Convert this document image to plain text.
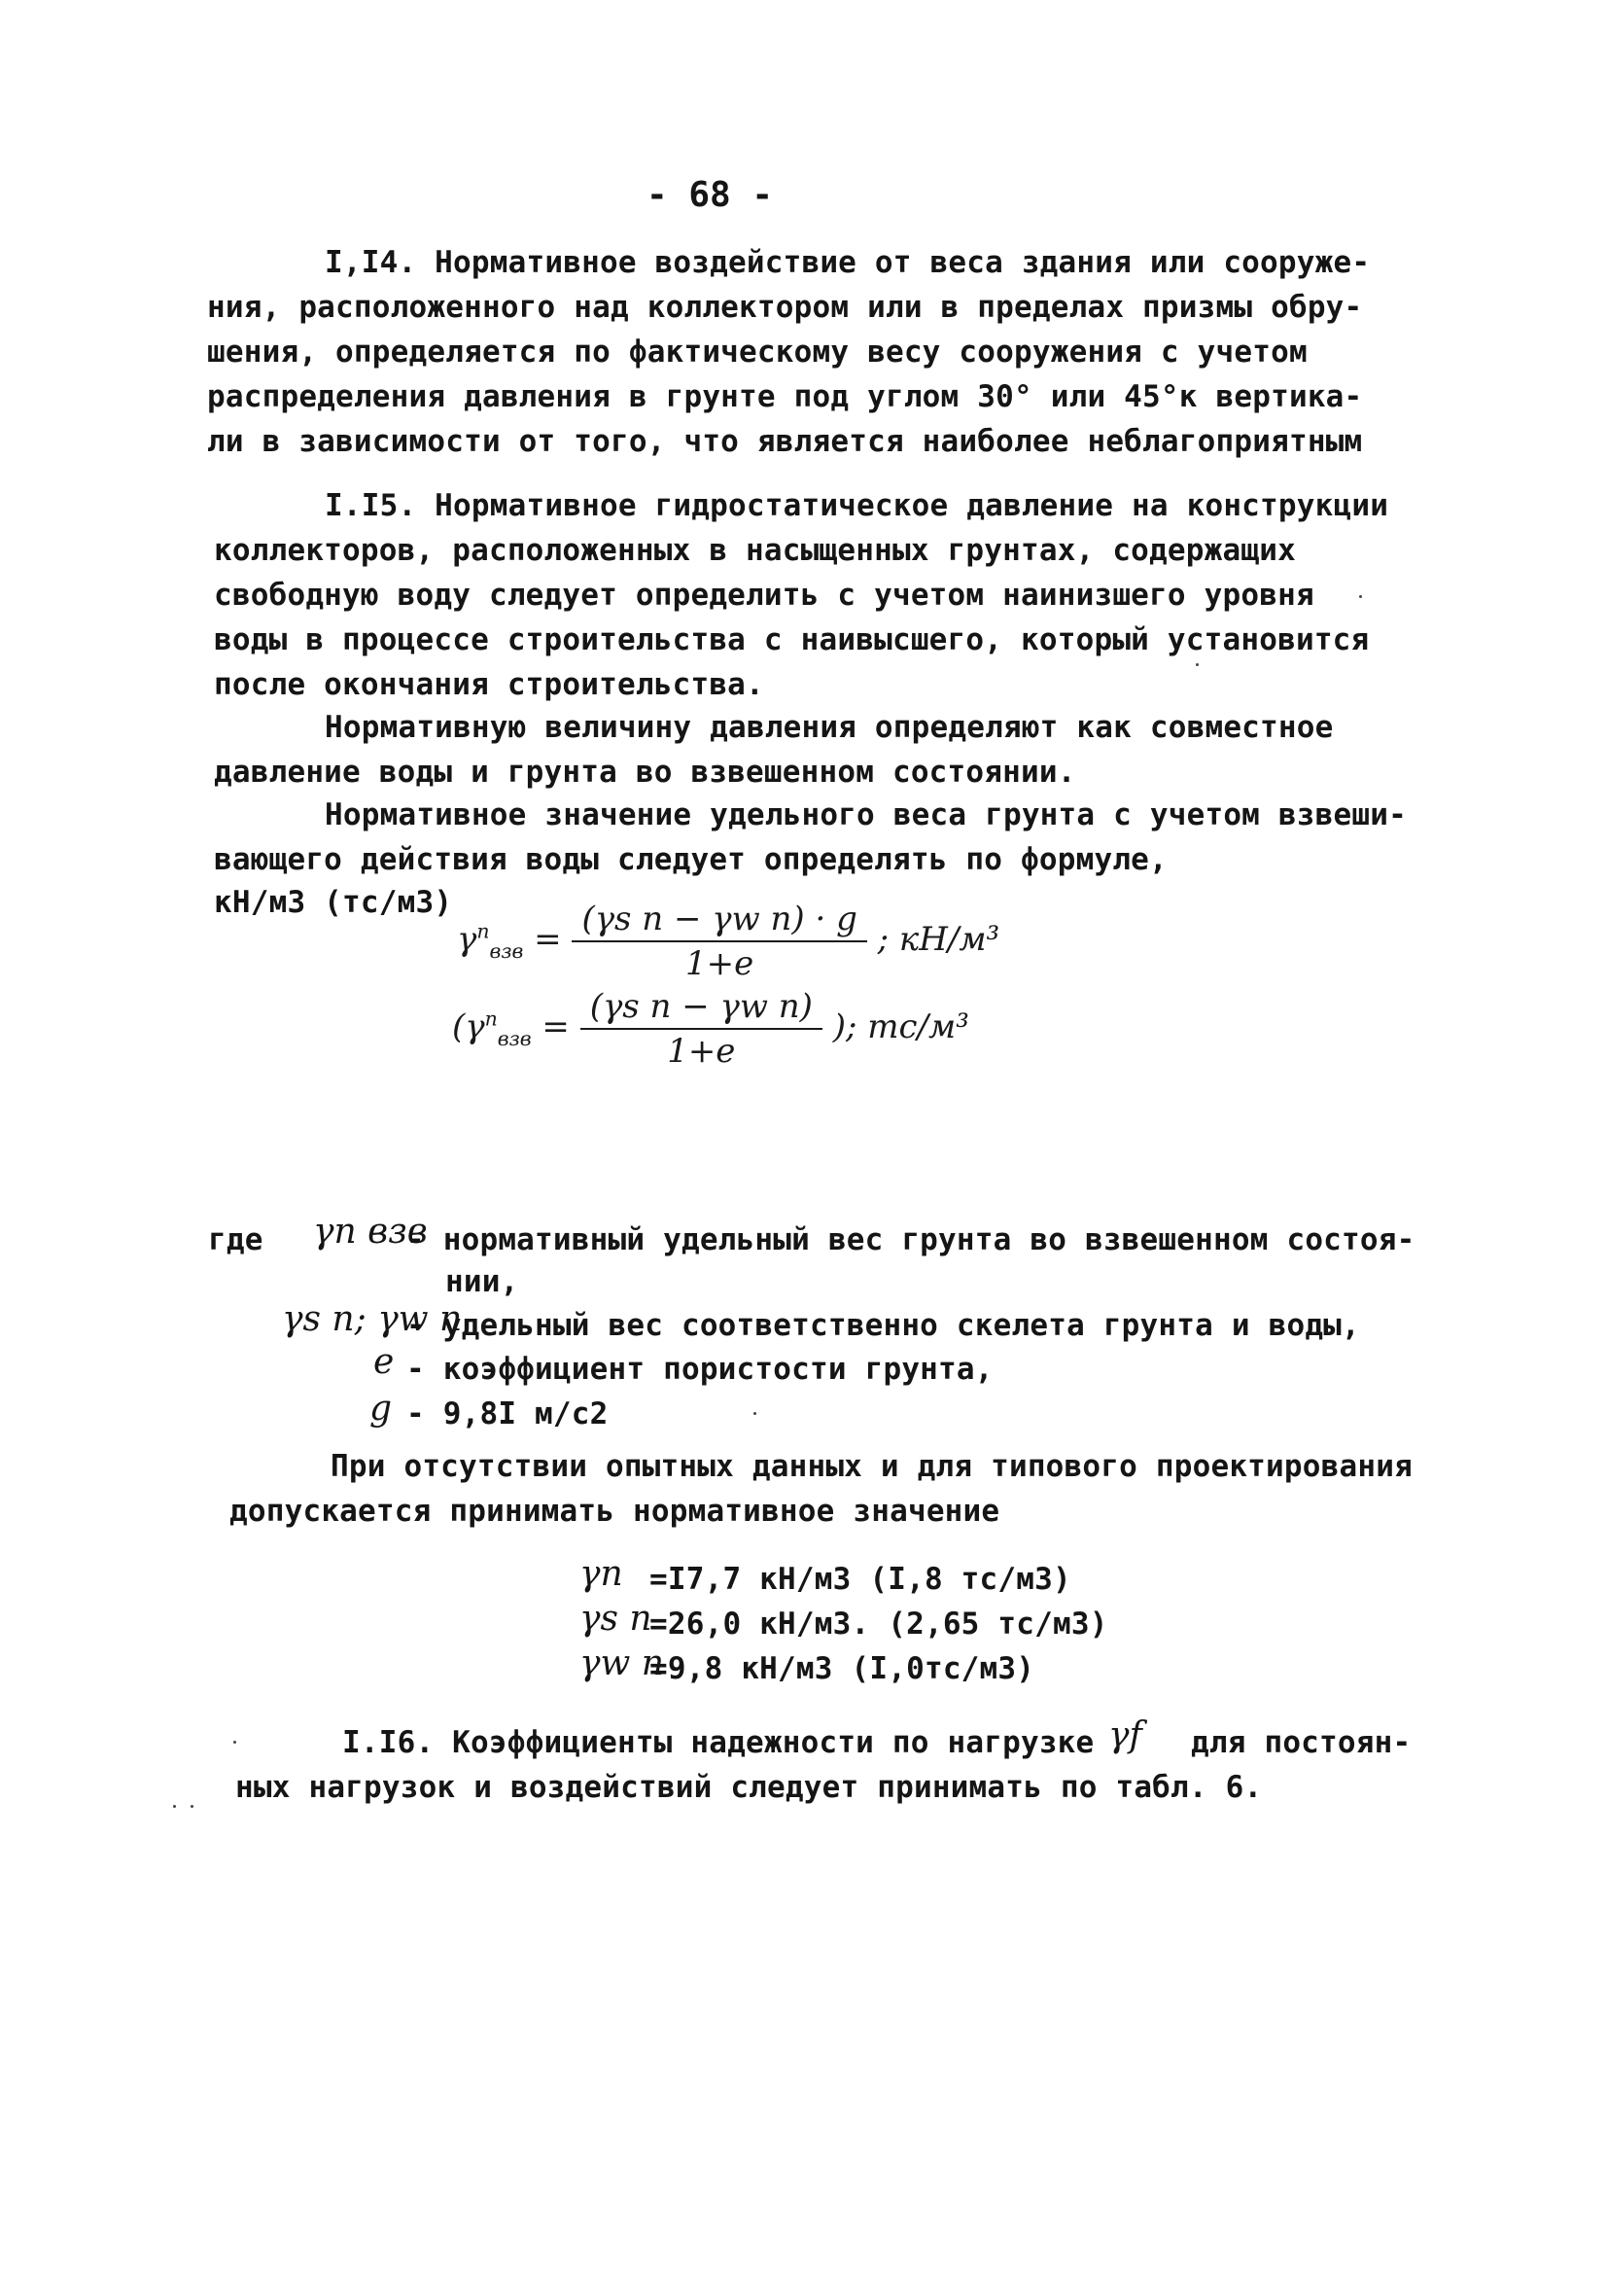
- 68 -
I,I4. Нормативное воздействие от веса здания или сооруже-
ния, расположенного над коллектором или в пределах призмы обру-
шения, определяется по фактическому весу сооружения с учетом
распределения давления в грунте под углом 30° или 45°к вертика-
ли в зависимости от того, что является наиболее неблагоприятным
I.I5. Нормативное гидростатическое давление на конструкции
коллекторов, расположенных в насыщенных грунтах, содержащих
свободную воду следует определить с учетом наинизшего уровня
воды в процессе строительства с наивысшего, который установится
после окончания строительства.
Нормативную величину давления определяют как совместное
давление воды и грунта во взвешенном состоянии.
Нормативное значение удельного веса грунта с учетом взвеши-
вающего действия воды следует определять по формуле,
кН/м3 (тс/м3)
$\gamma^n_{взв} = \frac{\text{(γs n − γw n) · g}}{1+e}$ ; кН/м³
($\gamma^n_{взв} = \frac{\text{(γs n − γw n)}}{1+e}$ ); тс/м³
где γn взв
- нормативный удельный вес грунта во взвешенном состоя-
нии,
γs n; γw n
- удельный вес соответственно скелета грунта и воды,
e - коэффициент пористости грунта,
g - 9,8I м/с2
При отсутствии опытных данных и для типового проектирования
допускается принимать нормативное значение
γn =I7,7 кН/м3 (I,8 тс/м3)
γs n
=26,0 кН/м3. (2,65 тс/м3)
γw n
=9,8 кН/м3 (I,0тс/м3)
I.I6. Коэффициенты надежности по нагрузке γf для постоян-
ных нагрузок и воздействий следует принимать по табл. 6.
